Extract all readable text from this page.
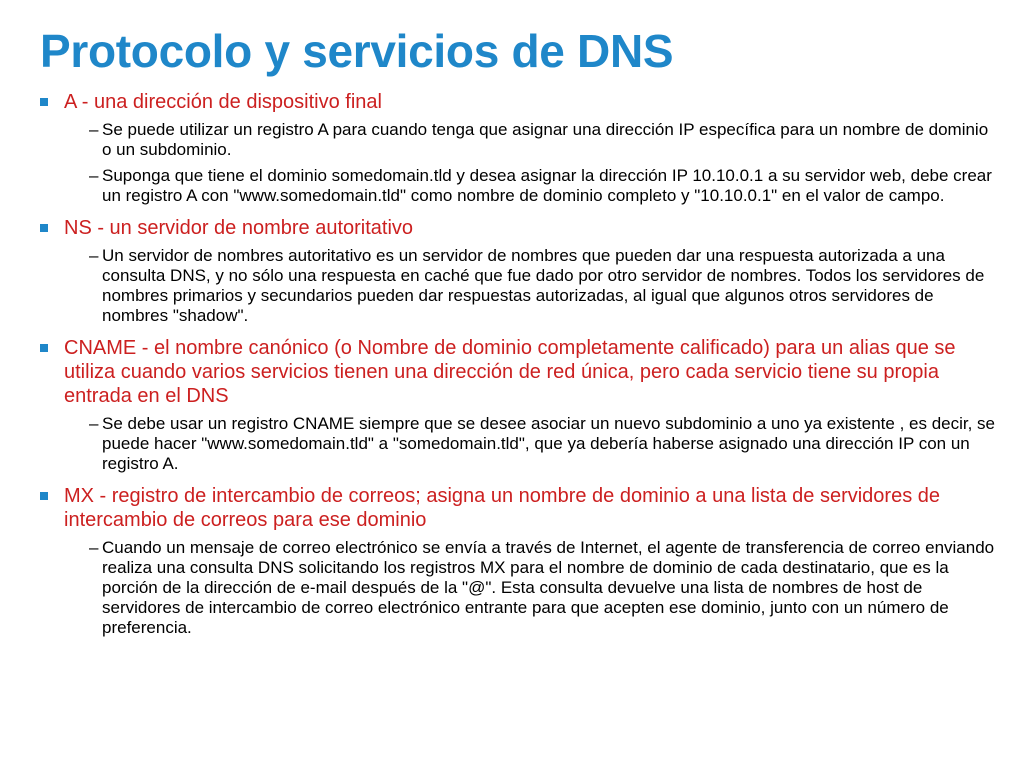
Protocolo y servicios de DNS
A - una dirección de dispositivo final
– Se puede utilizar un registro A para cuando tenga que asignar una dirección IP específica para un nombre de dominio o un subdominio.
– Suponga que tiene el dominio somedomain.tld y desea asignar la dirección IP 10.10.0.1 a su servidor web, debe crear un registro A con "www.somedomain.tld" como nombre de dominio completo y "10.10.0.1" en el valor de campo.
NS - un servidor de nombre autoritativo
– Un servidor de nombres autoritativo es un servidor de nombres que pueden dar una respuesta autorizada a una consulta DNS, y no sólo una respuesta en caché que fue dado por otro servidor de nombres. Todos los servidores de nombres primarios y secundarios pueden dar respuestas autorizadas, al igual que algunos otros servidores de nombres "shadow".
CNAME - el nombre canónico (o Nombre de dominio completamente calificado) para un alias que se utiliza cuando varios servicios tienen una dirección de red única, pero cada servicio tiene su propia entrada en el DNS
– Se debe usar un registro CNAME siempre que se desee asociar un nuevo subdominio a uno ya existente , es decir, se puede hacer "www.somedomain.tld" a "somedomain.tld", que ya debería haberse asignado una dirección IP con un registro A.
MX - registro de intercambio de correos; asigna un nombre de dominio a una lista de servidores de intercambio de correos para ese dominio
– Cuando un mensaje de correo electrónico se envía a través de Internet, el agente de transferencia de correo enviando realiza una consulta DNS solicitando los registros MX para el nombre de dominio de cada destinatario, que es la porción de la dirección de e-mail después de la "@". Esta consulta devuelve una lista de nombres de host de servidores de intercambio de correo electrónico entrante para que acepten ese dominio, junto con un número de preferencia.
